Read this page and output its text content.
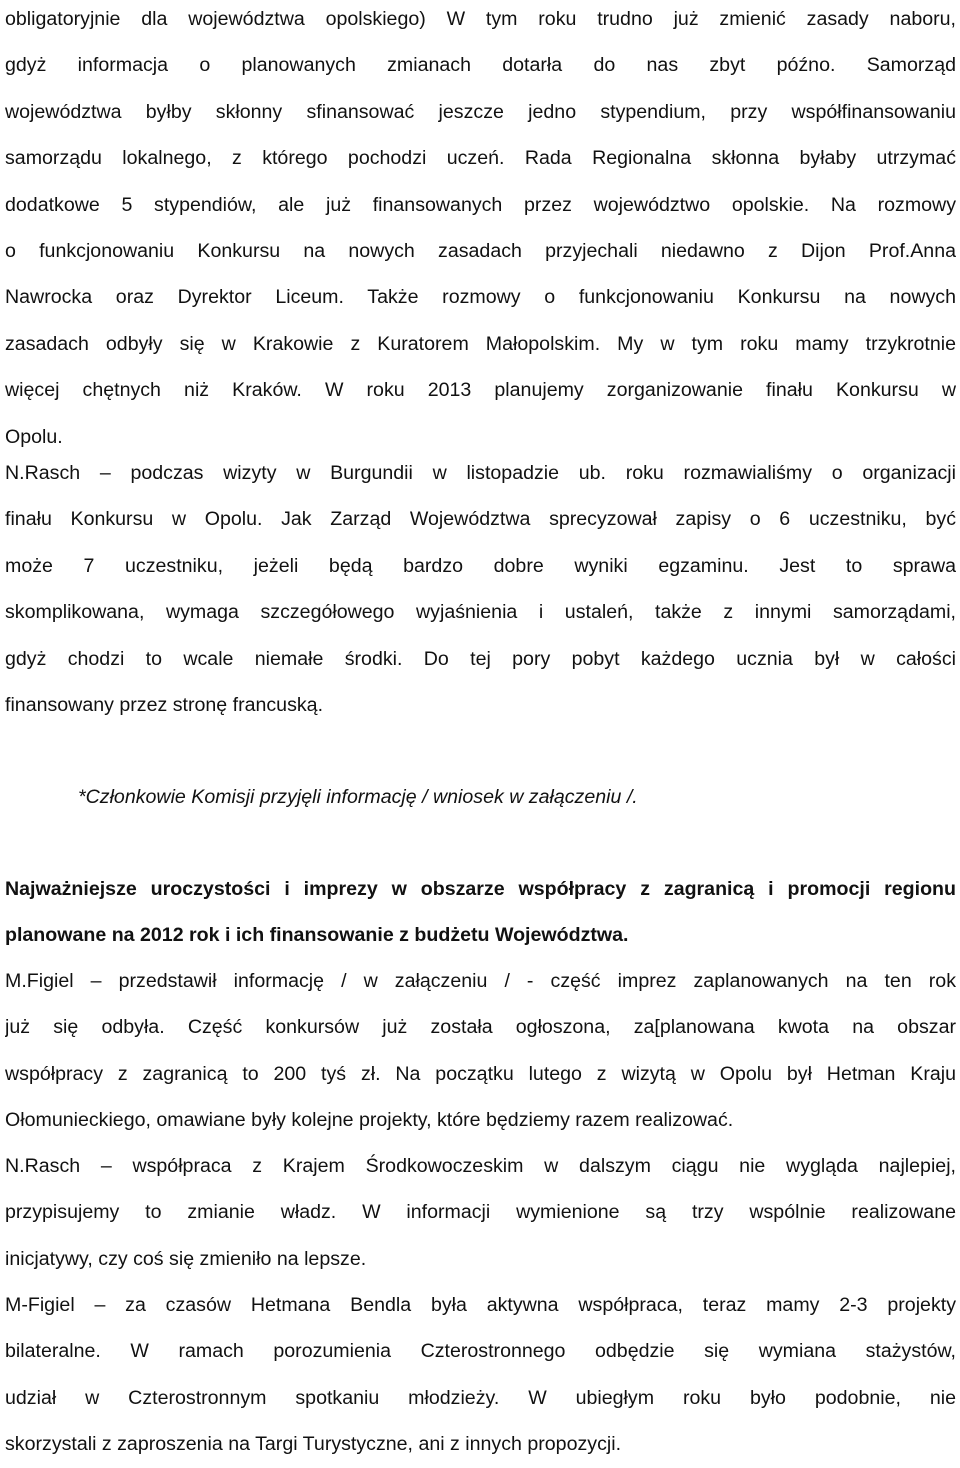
obligatoryjnie dla województwa opolskiego) W tym roku trudno już zmienić zasady naboru,
gdyż informacja o planowanych zmianach dotarła do nas zbyt późno. Samorząd
województwa byłby skłonny sfinansować jeszcze jedno stypendium, przy współfinansowaniu
samorządu lokalnego, z którego pochodzi uczeń. Rada Regionalna skłonna byłaby utrzymać
dodatkowe 5 stypendiów, ale już finansowanych przez województwo opolskie. Na rozmowy
o funkcjonowaniu Konkursu na nowych zasadach przyjechali niedawno z Dijon Prof.Anna
Nawrocka oraz Dyrektor Liceum. Także rozmowy o funkcjonowaniu Konkursu na nowych
zasadach odbyły się w Krakowie z Kuratorem Małopolskim. My w tym roku mamy trzykrotnie
więcej chętnych niż Kraków. W roku 2013 planujemy zorganizowanie finału Konkursu w
Opolu.
N.Rasch – podczas wizyty w Burgundii w listopadzie ub. roku rozmawialiśmy o organizacji
finału Konkursu w Opolu. Jak Zarząd Województwa sprecyzował zapisy o 6 uczestniku, być
może 7 uczestniku, jeżeli będą bardzo dobre wyniki egzaminu. Jest to sprawa
skomplikowana, wymaga szczegółowego wyjaśnienia i ustaleń, także z innymi samorządami,
gdyż chodzi to wcale niemałe środki. Do tej pory pobyt każdego ucznia był w całości
finansowany przez stronę francuską.

*Członkowie Komisji przyjęli informację / wniosek w załączeniu /.

Najważniejsze uroczystości i imprezy w obszarze współpracy z zagranicą i promocji regionu
planowane na 2012 rok i ich finansowanie z budżetu Województwa.
M.Figiel – przedstawił informację / w załączeniu / - część imprez zaplanowanych na ten rok
już się odbyła. Część konkursów już została ogłoszona, za[planowana kwota na obszar
współpracy z zagranicą to 200 tyś zł. Na początku lutego z wizytą w Opolu był Hetman Kraju
Ołomunieckiego, omawiane były kolejne projekty, które będziemy razem realizować.
N.Rasch – współpraca z Krajem Środkowoczeskim w dalszym ciągu nie wygląda najlepiej,
przypisujemy to zmianie władz. W informacji wymienione są trzy wspólnie realizowane
inicjatywy, czy coś się zmieniło na lepsze.
M-Figiel – za czasów Hetmana Bendla była aktywna współpraca, teraz mamy 2-3 projekty
bilateralne. W ramach porozumienia Czterostronnego odbędzie się wymiana stażystów,
udział w Czterostronnym spotkaniu młodzieży. W ubiegłym roku było podobnie, nie
skorzystali z zaproszenia na Targi Turystyczne, ani z innych propozycji.
